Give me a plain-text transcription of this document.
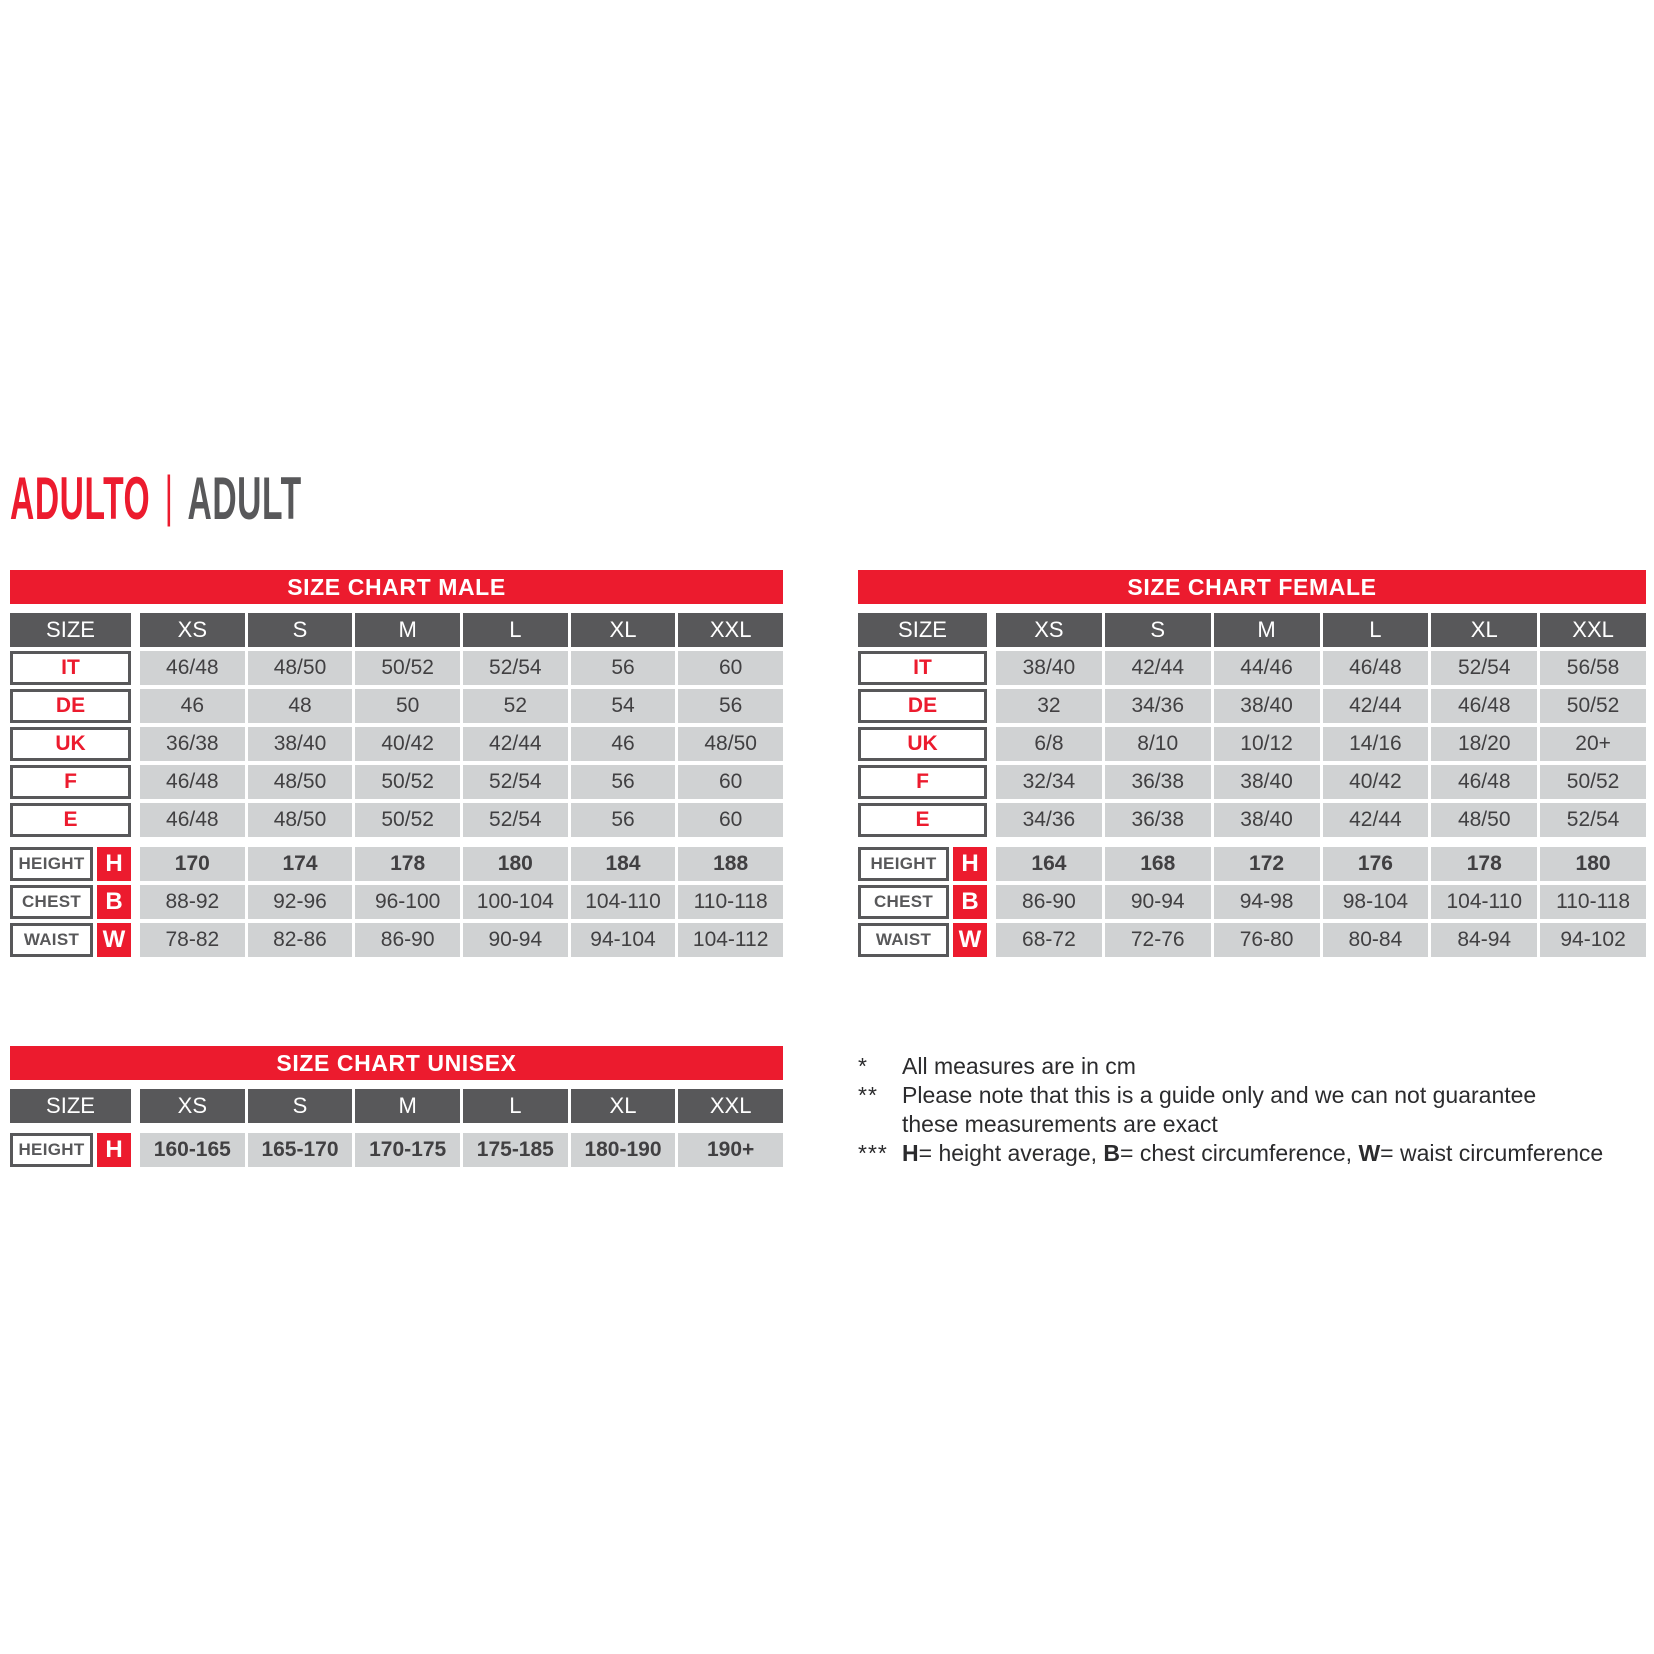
ADULTO | ADULT
SIZE CHART MALE
SIZE	XS	S	M	L	XL	XXL
IT	46/48	48/50	50/52	52/54	56	60
DE	46	48	50	52	54	56
UK	36/38	38/40	40/42	42/44	46	48/50
F	46/48	48/50	50/52	52/54	56	60
E	46/48	48/50	50/52	52/54	56	60
HEIGHT H	170	174	178	180	184	188
CHEST	B	88-92	92-96	96-100	100-104	104-110	110-118
WAIST W	78-82	82-86	86-90	90-94	94-104	104-112
SIZE CHART FEMALE
SIZE	XS	S	M	L	XL	XXL
IT	38/40	42/44	44/46	46/48	52/54	56/58
DE	32	34/36	38/40	42/44	46/48	50/52
UK	6/8	8/10	10/12	14/16	18/20	20+
F	32/34	36/38	38/40	40/42	46/48	50/52
E	34/36	36/38	38/40	42/44	48/50	52/54
HEIGHT	H	164	168	172	176	178	180
CHEST	B	86-90	90-94	94-98	98-104	104-110	110-118
WAIST	W	68-72	72-76	76-80	80-84	84-94	94-102
SIZE CHART UNISEX
SIZE	XS	S	M	L	XL	XXL
HEIGHT H	160-165	165-170	170-175	175-185	180-190	190+
*	All measures are in cm
**	Please note that this is a guide only and we can not guarantee
these measurements are exact
*** H= height average, B= chest circumference, W= waist circumference
